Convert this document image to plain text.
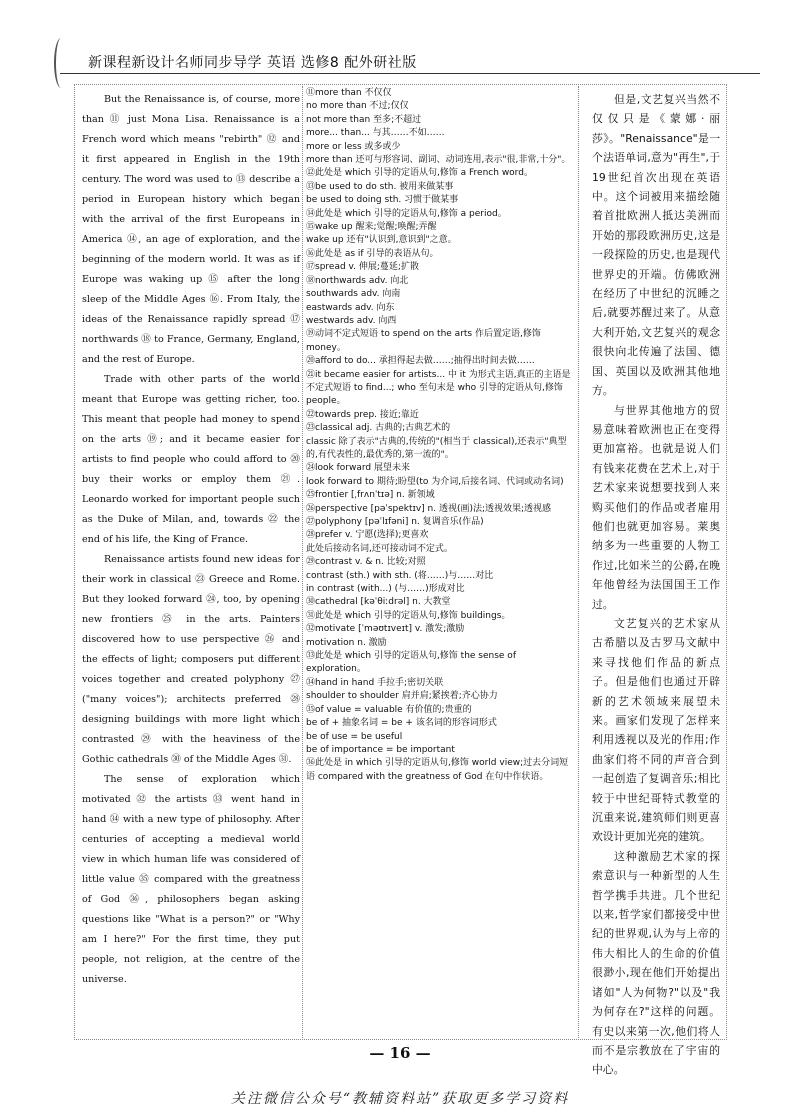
新课程新设计名师同步导学 英语 选修8 配外研社版

But the Renaissance is, of course, more than ⑪ just Mona Lisa. Renaissance is a French word which means "rebirth" ⑫ and it first appeared in English in the 19th century. The word was used to ⑬ describe a period in European history which began with the arrival of the first Europeans in America ⑭, an age of exploration, and the beginning of the modern world. It was as if Europe was waking up ⑮ after the long sleep of the Middle Ages ⑯. From Italy, the ideas of the Renaissance rapidly spread ⑰ northwards ⑱ to France, Germany, England, and the rest of Europe.

Trade with other parts of the world meant that Europe was getting richer, too. This meant that people had money to spend on the arts ⑲; and it became easier for artists to find people who could afford to ⑳ buy their works or employ them ㉑. Leonardo worked for important people such as the Duke of Milan, and, towards ㉒ the end of his life, the King of France.

Renaissance artists found new ideas for their work in classical ㉓ Greece and Rome. But they looked forward ㉔, too, by opening new frontiers ㉕ in the arts. Painters discovered how to use perspective ㉖ and the effects of light; composers put different voices together and created polyphony ㉗ ("many voices"); architects preferred ㉘ designing buildings with more light which contrasted ㉙ with the heaviness of the Gothic cathedrals ㉚ of the Middle Ages ㉛.

The sense of exploration which motivated ㉜ the artists ㉝ went hand in hand ㉞ with a new type of philosophy. After centuries of accepting a medieval world view in which human life was considered of little value ㉟ compared with the greatness of God ㊱, philosophers began asking questions like "What is a person?" or "Why am I here?" For the first time, they put people, not religion, at the centre of the universe.

⑪more than 不仅仅

no more than 不过;仅仅

not more than 至多;不超过

more... than... 与其……不如……

more or less 或多或少

more than 还可与形容词、副词、动词连用,表示"很,非常,十分"。

⑫此处是 which 引导的定语从句,修饰 a French word。

⑬be used to do sth. 被用来做某事

be used to doing sth. 习惯于做某事

⑭此处是 which 引导的定语从句,修饰 a period。

⑮wake up 醒来;觉醒;唤醒;弄醒

wake up 还有"认识到,意识到"之意。

⑯此处是 as if 引导的表语从句。

⑰spread v. 伸展;蔓延;扩散

⑱northwards adv. 向北

southwards adv. 向南

eastwards adv. 向东

westwards adv. 向西

⑲动词不定式短语 to spend on the arts 作后置定语,修饰 money。

⑳afford to do... 承担得起去做……;抽得出时间去做……

㉑it became easier for artists... 中 it 为形式主语,真正的主语是不定式短语 to find...; who 至句末是 who 引导的定语从句,修饰 people。

㉒towards prep. 接近;靠近

㉓classical adj. 古典的;古典艺术的

classic 除了表示"古典的,传统的"(相当于 classical),还表示"典型的,有代表性的,最优秀的,第一流的"。

㉔look forward 展望未来

look forward to 期待;盼望(to 为介词,后接名词、代词或动名词)

㉕frontier [ˌfrʌnˈtɪə] n. 新领域

㉖perspective [pəˈspektɪv] n. 透视(画)法;透视效果;透视感

㉗polyphony [pəˈlɪfəni] n. 复调音乐(作品)

㉘prefer v. 宁愿(选择);更喜欢

此处后接动名词,还可接动词不定式。

㉙contrast v. & n. 比较;对照

contrast (sth.) with sth. (将……)与……对比

in contrast (with...) (与……)形成对比

㉚cathedral [kəˈθiːdrəl] n. 大教堂

㉛此处是 which 引导的定语从句,修饰 buildings。

㉜motivate [ˈməʊtɪveɪt] v. 激发;激励

motivation n. 激励

㉝此处是 which 引导的定语从句,修饰 the sense of exploration。

㉞hand in hand 手拉手;密切关联

shoulder to shoulder 肩并肩;紧挨着;齐心协力

㉟of value = valuable 有价值的;贵重的

be of + 抽象名词 = be + 该名词的形容词形式

be of use = be useful

be of importance = be important

㊱此处是 in which 引导的定语从句,修饰 world view;过去分词短语 compared with the greatness of God 在句中作状语。

但是,文艺复兴当然不仅仅只是《蒙娜·丽莎》。"Renaissance"是一个法语单词,意为"再生",于19世纪首次出现在英语中。这个词被用来描绘随着首批欧洲人抵达美洲而开始的那段欧洲历史,这是一段探险的历史,也是现代世界史的开端。仿佛欧洲在经历了中世纪的沉睡之后,就要苏醒过来了。从意大利开始,文艺复兴的观念很快向北传遍了法国、德国、英国以及欧洲其他地方。

与世界其他地方的贸易意味着欧洲也正在变得更加富裕。也就是说人们有钱来花费在艺术上,对于艺术家来说想要找到人来购买他们的作品或者雇用他们也就更加容易。莱奥纳多为一些重要的人物工作过,比如米兰的公爵,在晚年他曾经为法国国王工作过。

文艺复兴的艺术家从古希腊以及古罗马文献中来寻找他们作品的新点子。但是他们也通过开辟新的艺术领域来展望未来。画家们发现了怎样来利用透视以及光的作用;作曲家们将不同的声音合到一起创造了复调音乐;相比较于中世纪哥特式教堂的沉重来说,建筑师们则更喜欢设计更加光亮的建筑。

这种激励艺术家的探索意识与一种新型的人生哲学携手共进。几个世纪以来,哲学家们都接受中世纪的世界观,认为与上帝的伟大相比人的生命的价值很渺小,现在他们开始提出诸如"人为何物?"以及"我为何存在?"这样的问题。有史以来第一次,他们将人而不是宗教放在了宇宙的中心。

— 16 —
关注微信公众号“教辅资料站”获取更多学习资料
